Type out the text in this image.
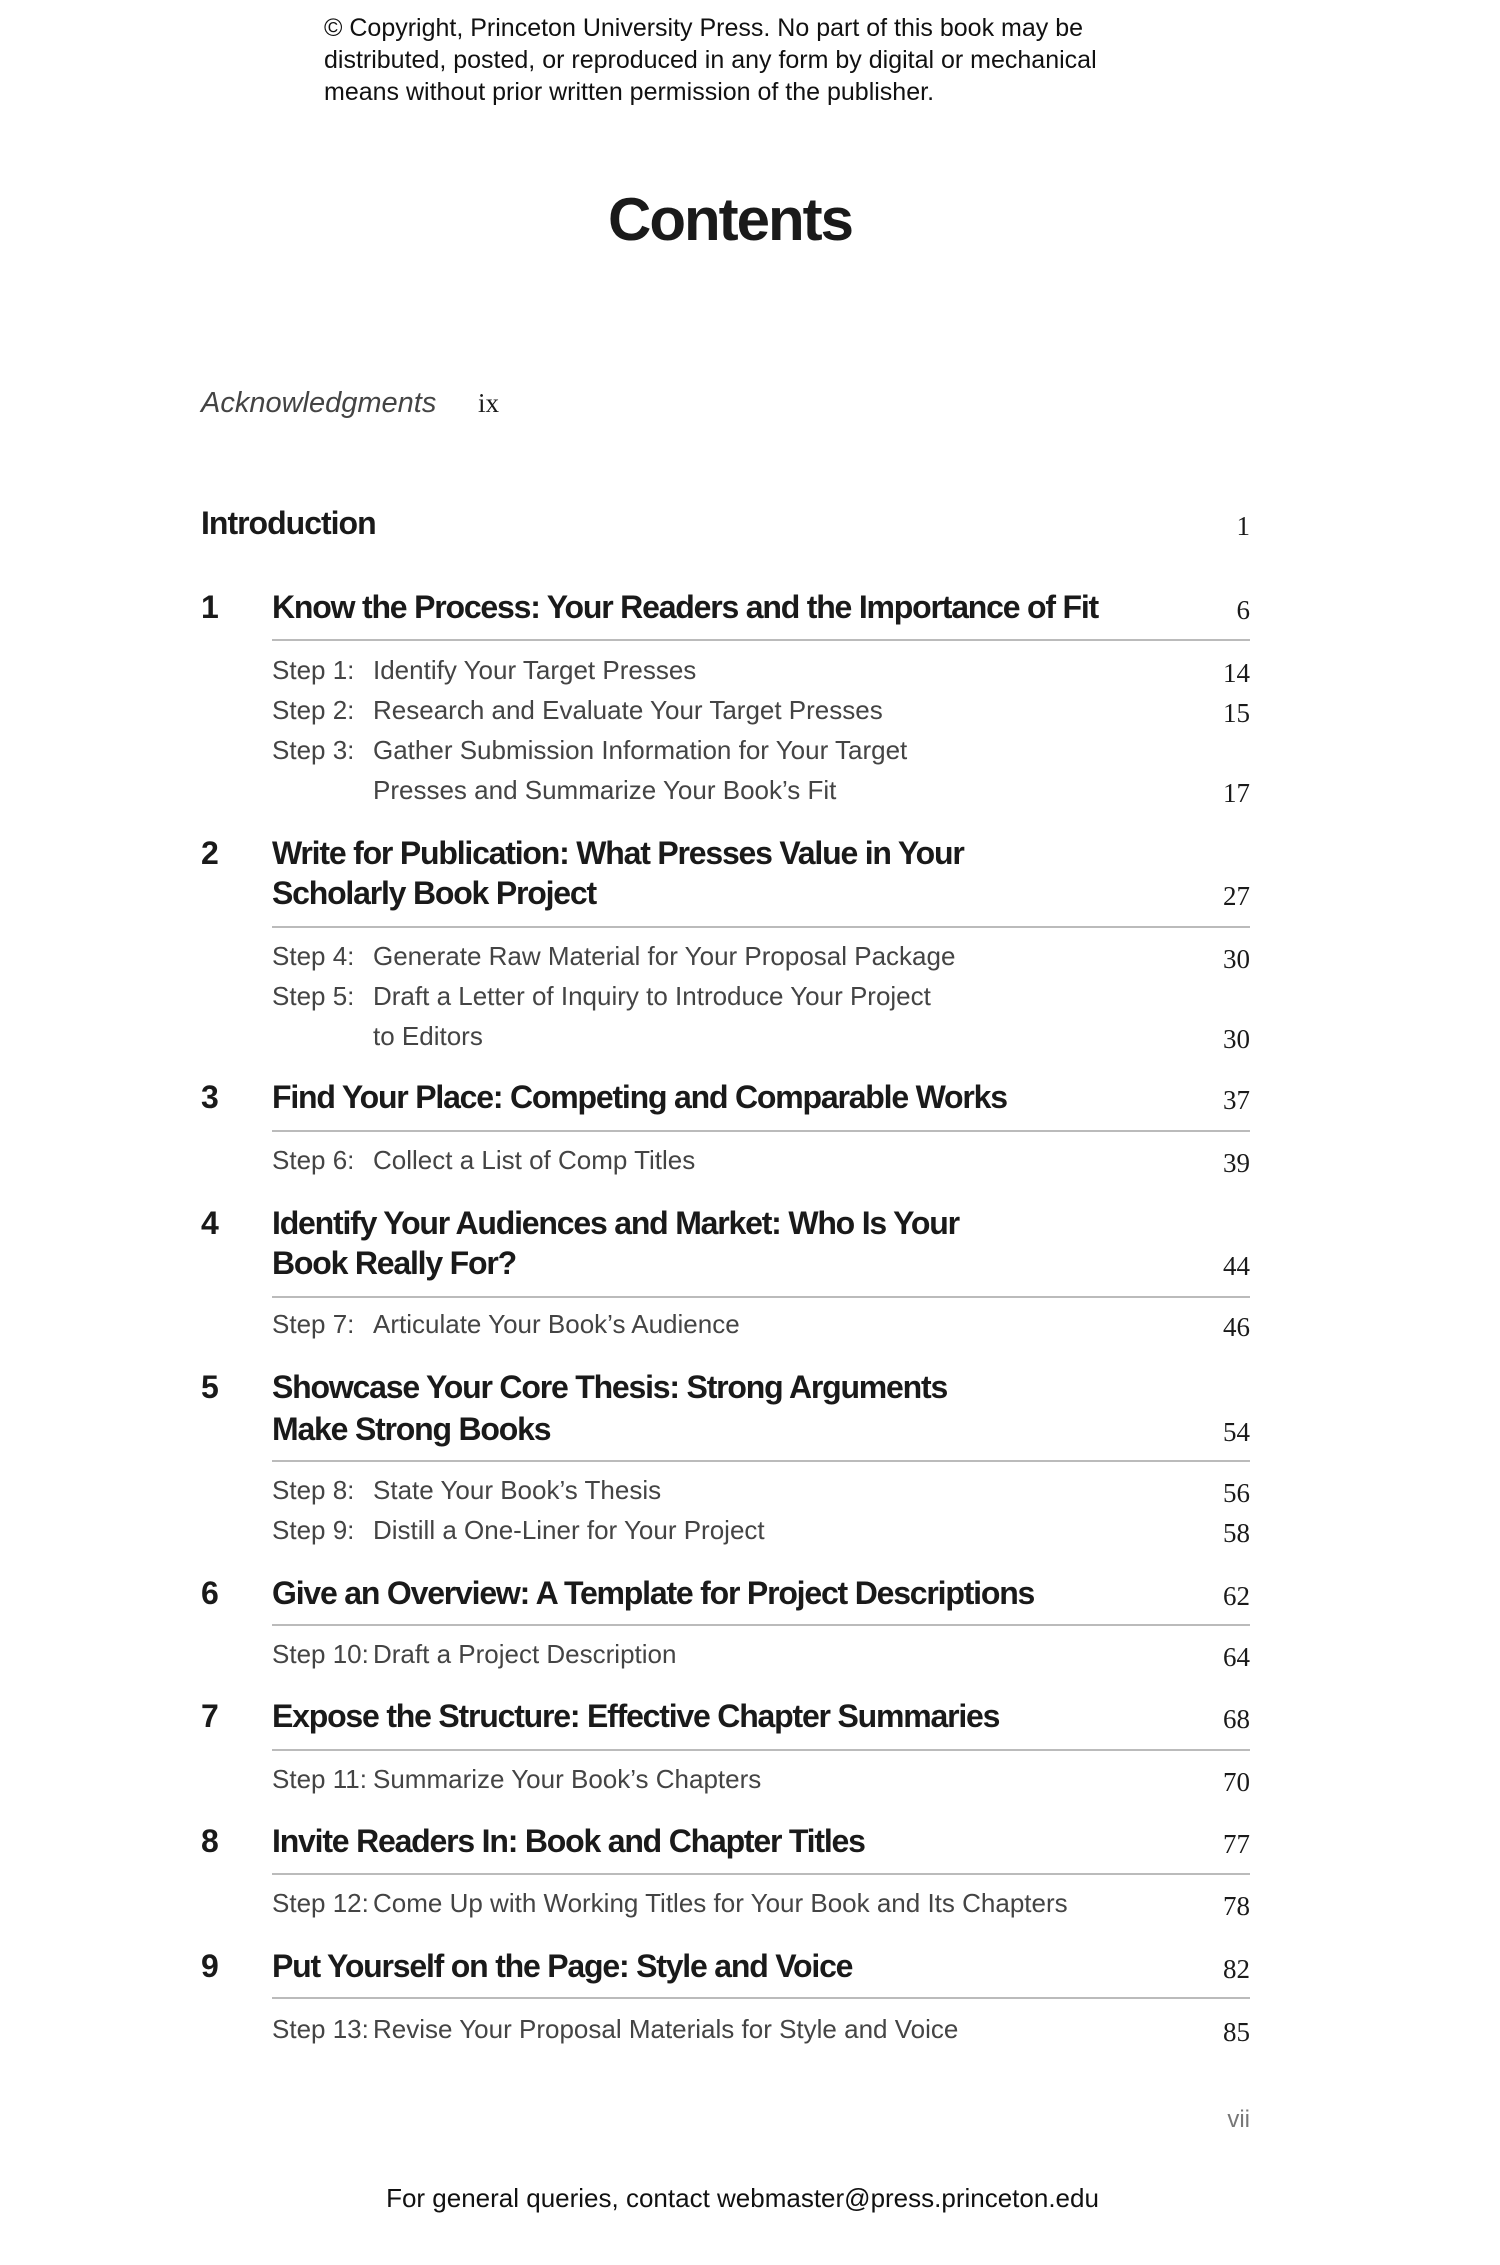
© Copyright, Princeton University Press. No part of this book may be
distributed, posted, or reproduced in any form by digital or mechanical
means without prior written permission of the publisher.
Contents
Acknowledgments ix
Introduction	1
1 Know the Process: Your Readers and the Importance of Fit	6
Step 1: Identify Your Target Presses	14
Step 2: Research and Evaluate Your Target Presses	15
Step 3: Gather Submission Information for Your Target
Presses and Summarize Your Book’s Fit	17
2 Write for Publication: What Presses Value in Your
Scholarly Book Project	27
Step 4: Generate Raw Material for Your Proposal Package	30
Step 5: Draft a Letter of Inquiry to Introduce Your Project
to Editors	30
3 Find Your Place: Competing and Comparable Works	37
Step 6: Collect a List of Comp Titles	39
4 Identify Your Audiences and Market: Who Is Your
Book Really For?	44
Step 7: Articulate Your Book’s Audience	46
5 Showcase Your Core Thesis: Strong Arguments
Make Strong Books	54
Step 8: State Your Book’s Thesis	56
Step 9: Distill a One-Liner for Your Project	58
6 Give an Overview: A Template for Project Descriptions	62
Step 10: Draft a Project Description	64
7 Expose the Structure: Effective Chapter Summaries	68
Step 11: Summarize Your Book’s Chapters	70
8 Invite Readers In: Book and Chapter Titles	77
Step 12: Come Up with Working Titles for Your Book and Its Chapters	78
9 Put Yourself on the Page: Style and Voice	82
Step 13: Revise Your Proposal Materials for Style and Voice	85
vii
For general queries, contact webmaster@press.princeton.edu
